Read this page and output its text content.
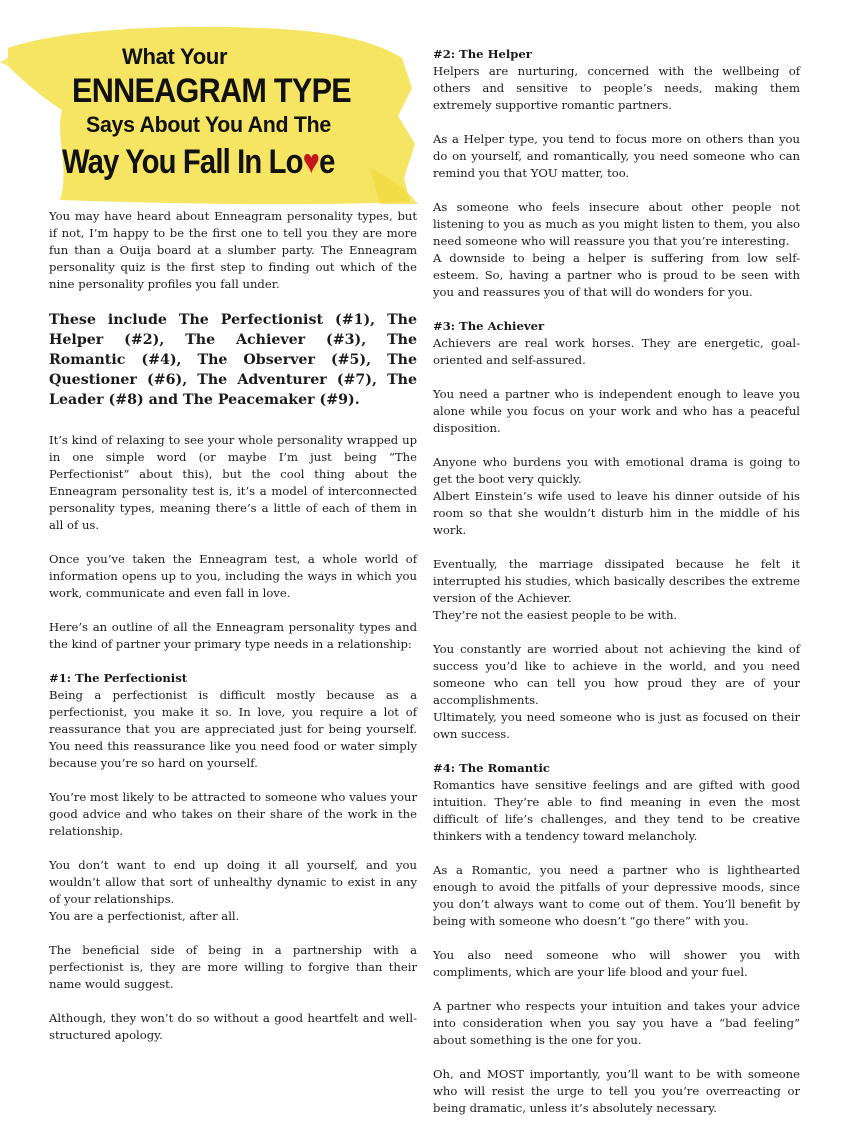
What Your
ENNEAGRAM TYPE
Says About You And The
Way You Fall In Lo♥e

You may have heard about Enneagram personality types, but if not, I’m happy to be the first one to tell you they are more fun than a Ouija board at a slumber party. The Enneagram personality quiz is the first step to finding out which of the nine personality profiles you fall under.

These include The Perfectionist (#1), The Helper (#2), The Achiever (#3), The Romantic (#4), The Observer (#5), The Questioner (#6), The Adventurer (#7), The Leader (#8) and The Peacemaker (#9).

It’s kind of relaxing to see your whole personality wrapped up in one simple word (or maybe I’m just being “The Perfectionist” about this), but the cool thing about the Enneagram personality test is, it’s a model of interconnected personality types, meaning there’s a little of each of them in all of us.

Once you’ve taken the Enneagram test, a whole world of information opens up to you, including the ways in which you work, communicate and even fall in love.

Here’s an outline of all the Enneagram personality types and the kind of partner your primary type needs in a relationship:

#1: The Perfectionist

Being a perfectionist is difficult mostly because as a perfectionist, you make it so. In love, you require a lot of reassurance that you are appreciated just for being yourself. You need this reassurance like you need food or water simply because you’re so hard on yourself.

You’re most likely to be attracted to someone who values your good advice and who takes on their share of the work in the relationship.

You don’t want to end up doing it all yourself, and you wouldn’t allow that sort of unhealthy dynamic to exist in any of your relationships.

You are a perfectionist, after all.

The beneficial side of being in a partnership with a perfectionist is, they are more willing to forgive than their name would suggest.

Although, they won’t do so without a good heartfelt and well-structured apology.

#2: The Helper

Helpers are nurturing, concerned with the wellbeing of others and sensitive to people’s needs, making them extremely supportive romantic partners.

As a Helper type, you tend to focus more on others than you do on yourself, and romantically, you need someone who can remind you that YOU matter, too.

As someone who feels insecure about other people not listening to you as much as you might listen to them, you also need someone who will reassure you that you’re interesting.

A downside to being a helper is suffering from low self-esteem. So, having a partner who is proud to be seen with you and reassures you of that will do wonders for you.

#3: The Achiever

Achievers are real work horses. They are energetic, goal-oriented and self-assured.

You need a partner who is independent enough to leave you alone while you focus on your work and who has a peaceful disposition.

Anyone who burdens you with emotional drama is going to get the boot very quickly.

Albert Einstein’s wife used to leave his dinner outside of his room so that she wouldn’t disturb him in the middle of his work.

Eventually, the marriage dissipated because he felt it interrupted his studies, which basically describes the extreme version of the Achiever.

They’re not the easiest people to be with.

You constantly are worried about not achieving the kind of success you’d like to achieve in the world, and you need someone who can tell you how proud they are of your accomplishments.

Ultimately, you need someone who is just as focused on their own success.

#4: The Romantic

Romantics have sensitive feelings and are gifted with good intuition. They’re able to find meaning in even the most difficult of life’s challenges, and they tend to be creative thinkers with a tendency toward melancholy.

As a Romantic, you need a partner who is lighthearted enough to avoid the pitfalls of your depressive moods, since you don’t always want to come out of them. You’ll benefit by being with someone who doesn’t “go there” with you.

You also need someone who will shower you with compliments, which are your life blood and your fuel.

A partner who respects your intuition and takes your advice into consideration when you say you have a “bad feeling” about something is the one for you.

Oh, and MOST importantly, you’ll want to be with someone who will resist the urge to tell you you’re overreacting or being dramatic, unless it’s absolutely necessary.
